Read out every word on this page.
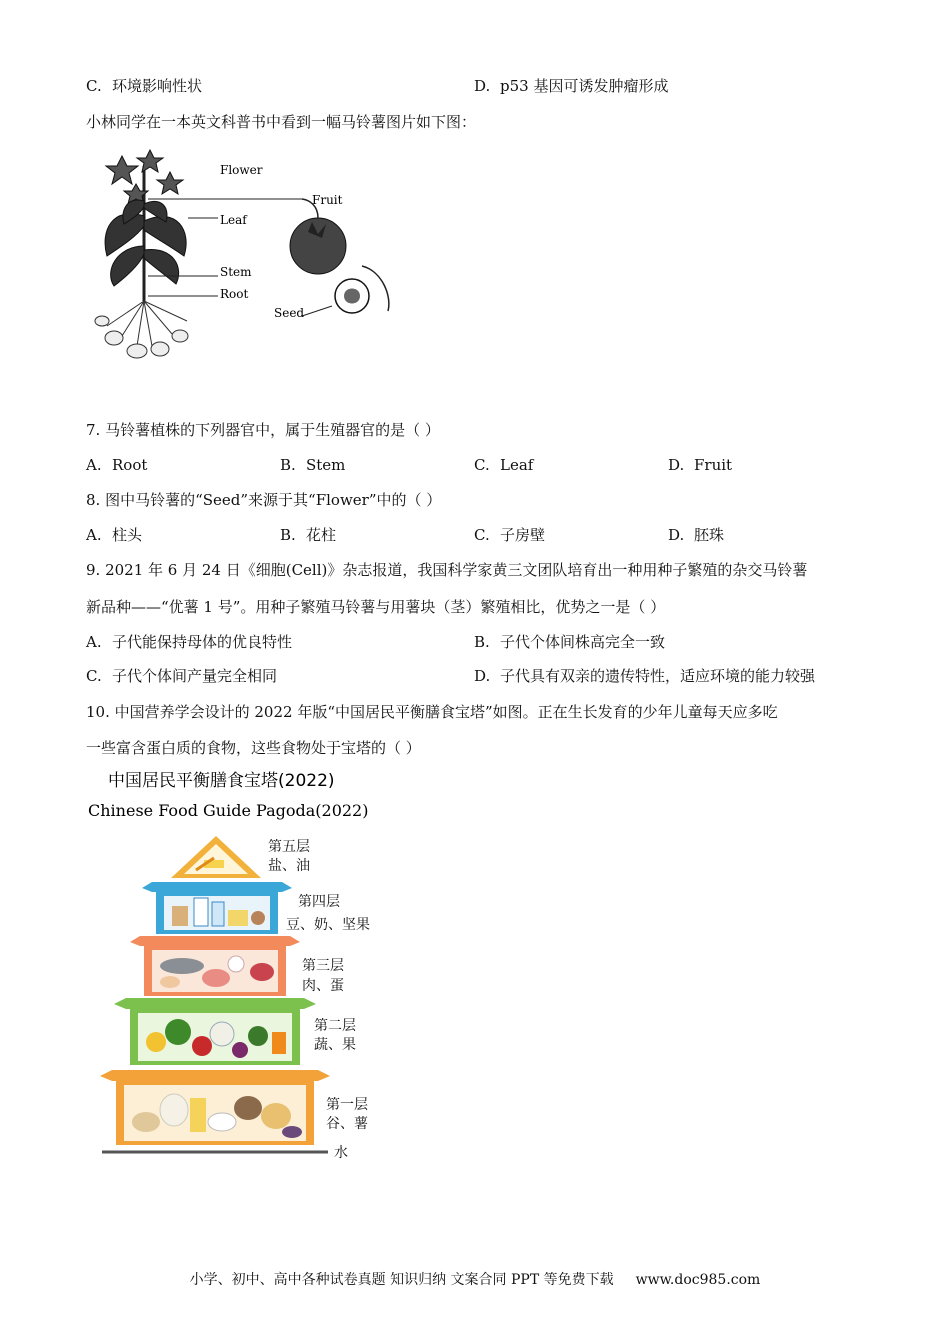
C. 环境影响性状	D. p53 基因可诱发肿瘤形成
小林同学在一本英文科普书中看到一幅马铃薯图片如下图：
Flower
Fruit
Leaf
Stem
Root
Seed
7. 马铃薯植株的下列器官中，属于生殖器官的是（ ）
A. Root	B. Stem	C. Leaf	D. Fruit
8. 图中马铃薯的“Seed”来源于其“Flower”中的（ ）
A. 柱头	B. 花柱	C. 子房壁	D. 胚珠
9. 2021 年 6 月 24 日《细胞(Cell)》杂志报道，我国科学家黄三文团队培育出一种用种子繁殖的杂交马铃薯
新品种——“优薯 1 号”。用种子繁殖马铃薯与用薯块（茎）繁殖相比，优势之一是（ ）
A. 子代能保持母体的优良特性	B. 子代个体间株高完全一致
C. 子代个体间产量完全相同	D. 子代具有双亲的遗传特性，适应环境的能力较强
10. 中国营养学会设计的 2022 年版“中国居民平衡膳食宝塔”如图。正在生长发育的少年儿童每天应多吃
一些富含蛋白质的食物，这些食物处于宝塔的（ ）
中国居民平衡膳食宝塔(2022)
Chinese Food Guide Pagoda(2022)
第五层
盐、油
第四层
豆、奶、坚果
第三层
肉、蛋
第二层
蔬、果
第一层
谷、薯
水
小学、初中、高中各种试卷真题 知识归纳 文案合同 PPT 等免费下载 www.doc985.com
